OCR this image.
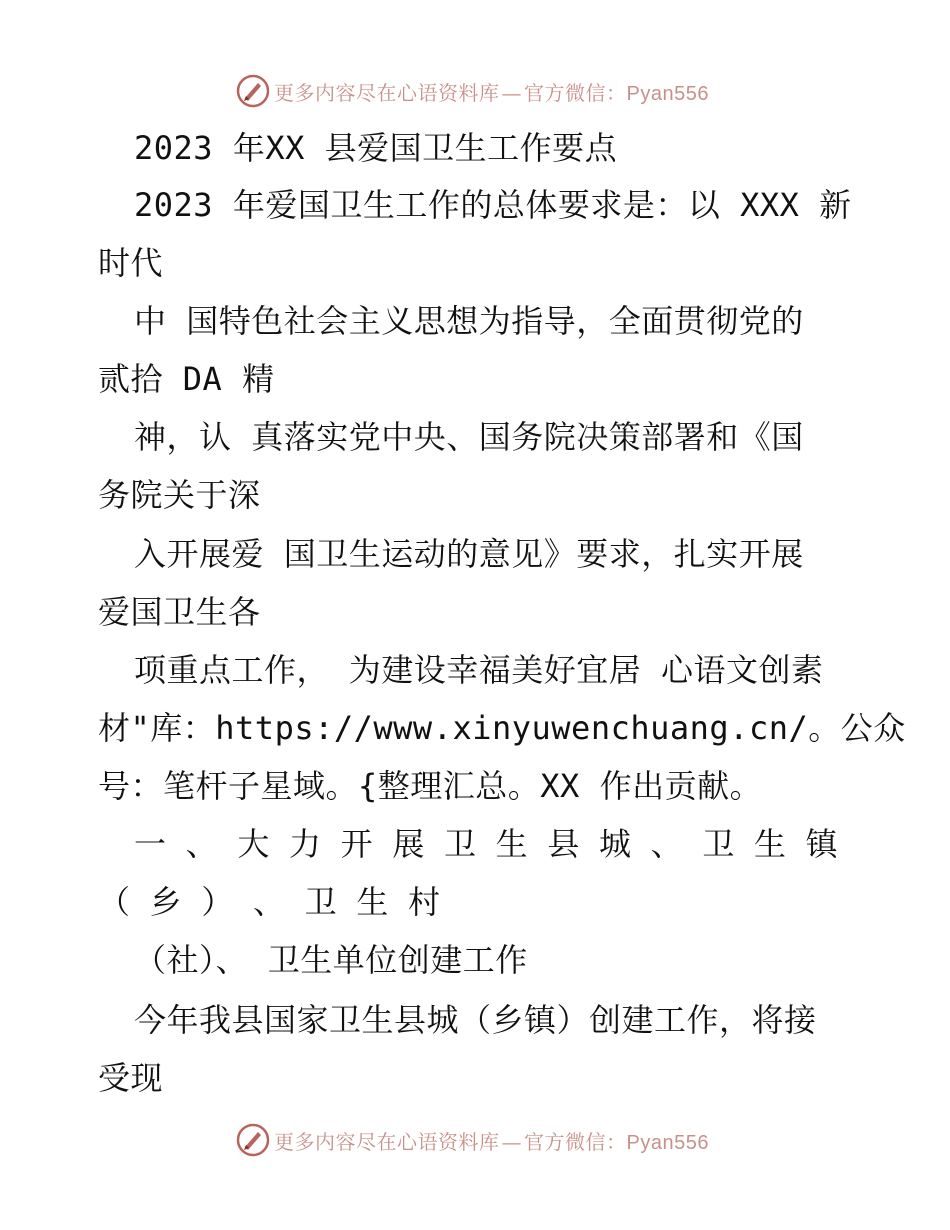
更多内容尽在心语资料库 — 官方微信：Pyan556
2023 年XX 县爱国卫生工作要点
2023 年爱国卫生工作的总体要求是：以 XXX 新
时代
中 国特色社会主义思想为指导，全面贯彻党的
贰拾 DA 精
神，认 真落实党中央、国务院决策部署和《国
务院关于深
入开展爱 国卫生运动的意见》要求，扎实开展
爱国卫生各
项重点工作， 为建设幸福美好宜居 心语文创素
材"库：https://www.xinyuwenchuang.cn/。公众
号：笔杆子星域。{整理汇总。XX 作出贡献。
一 、 大 力 开 展 卫 生 县 城 、 卫 生 镇
（ 乡 ） 、 卫 生 村
（社）、 卫生单位创建工作
今年我县国家卫生县城（乡镇）创建工作，将接
受现
更多内容尽在心语资料库 — 官方微信：Pyan556
